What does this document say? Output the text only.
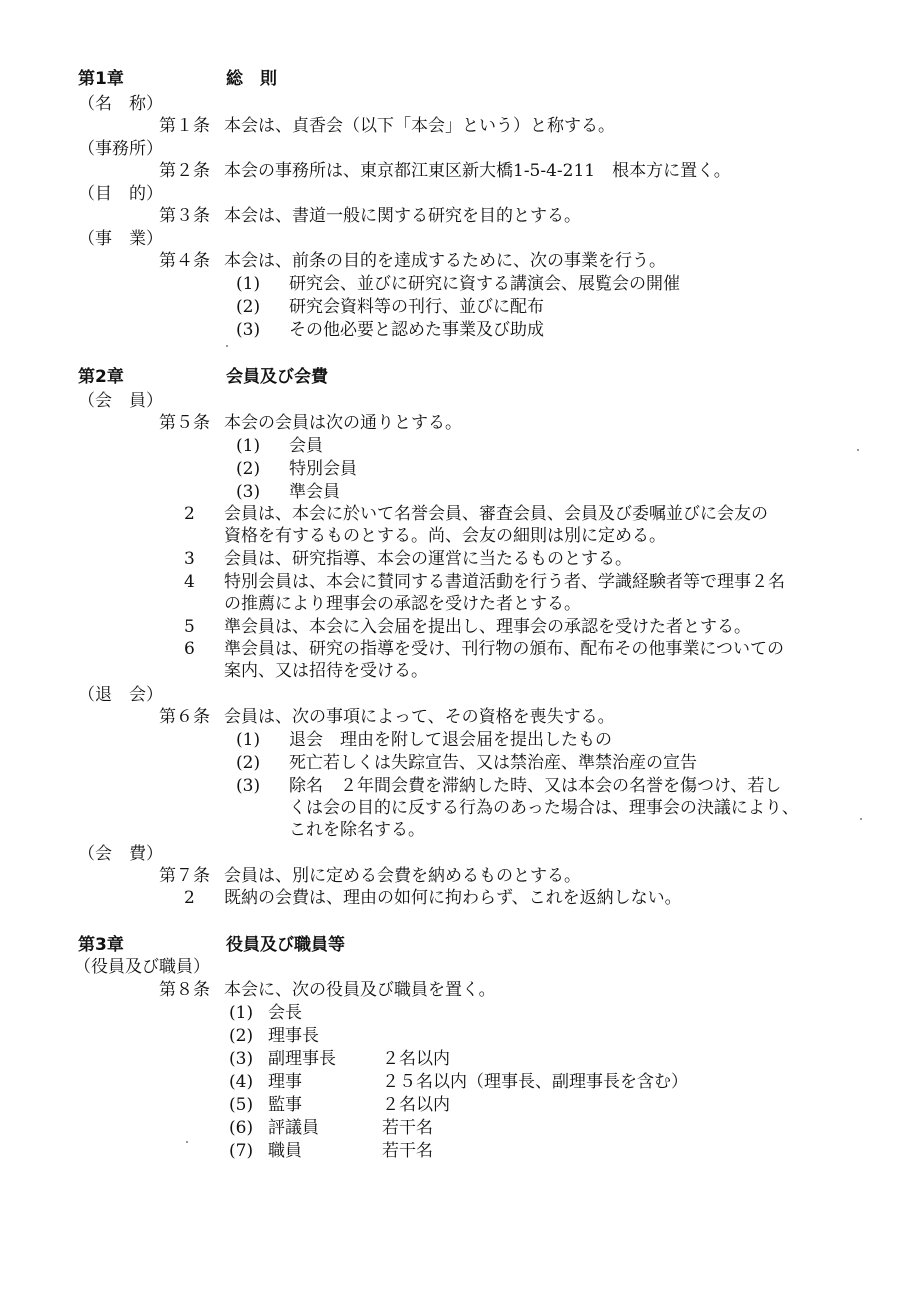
第1章	総　則
（名　称）
第１条 本会は、貞香会（以下「本会」という）と称する。
（事務所）
第２条 本会の事務所は、東京都江東区新大橋1-5-4-211　根本方に置く。
（目　的）
第３条 本会は、書道一般に関する研究を目的とする。
（事　業）
第４条 本会は、前条の目的を達成するために、次の事業を行う。
(1) 研究会、並びに研究に資する講演会、展覧会の開催
(2) 研究会資料等の刊行、並びに配布
(3) その他必要と認めた事業及び助成
第2章	会員及び会費
（会　員）
第５条 本会の会員は次の通りとする。
(1) 会員
(2) 特別会員
(3) 準会員
2 会員は、本会に於いて名誉会員、審査会員、会員及び委嘱並びに会友の
資格を有するものとする。尚、会友の細則は別に定める。
3 会員は、研究指導、本会の運営に当たるものとする。
4 特別会員は、本会に賛同する書道活動を行う者、学識経験者等で理事２名
の推薦により理事会の承認を受けた者とする。
5 準会員は、本会に入会届を提出し、理事会の承認を受けた者とする。
6 準会員は、研究の指導を受け、刊行物の頒布、配布その他事業についての
案内、又は招待を受ける。
（退　会）
第６条 会員は、次の事項によって、その資格を喪失する。
(1) 退会　理由を附して退会届を提出したもの
(2) 死亡若しくは失踪宣告、又は禁治産、準禁治産の宣告
(3) 除名　２年間会費を滞納した時、又は本会の名誉を傷つけ、若し
くは会の目的に反する行為のあった場合は、理事会の決議により、
これを除名する。
（会　費）
第７条 会員は、別に定める会費を納めるものとする。
2 既納の会費は、理由の如何に拘わらず、これを返納しない。
第3章	役員及び職員等
（役員及び職員）
第８条 本会に、次の役員及び職員を置く。
(1) 会長
(2) 理事長
(3) 副理事長	２名以内
(4) 理事	２５名以内（理事長、副理事長を含む）
(5) 監事	２名以内
(6) 評議員	若干名
(7) 職員	若干名
